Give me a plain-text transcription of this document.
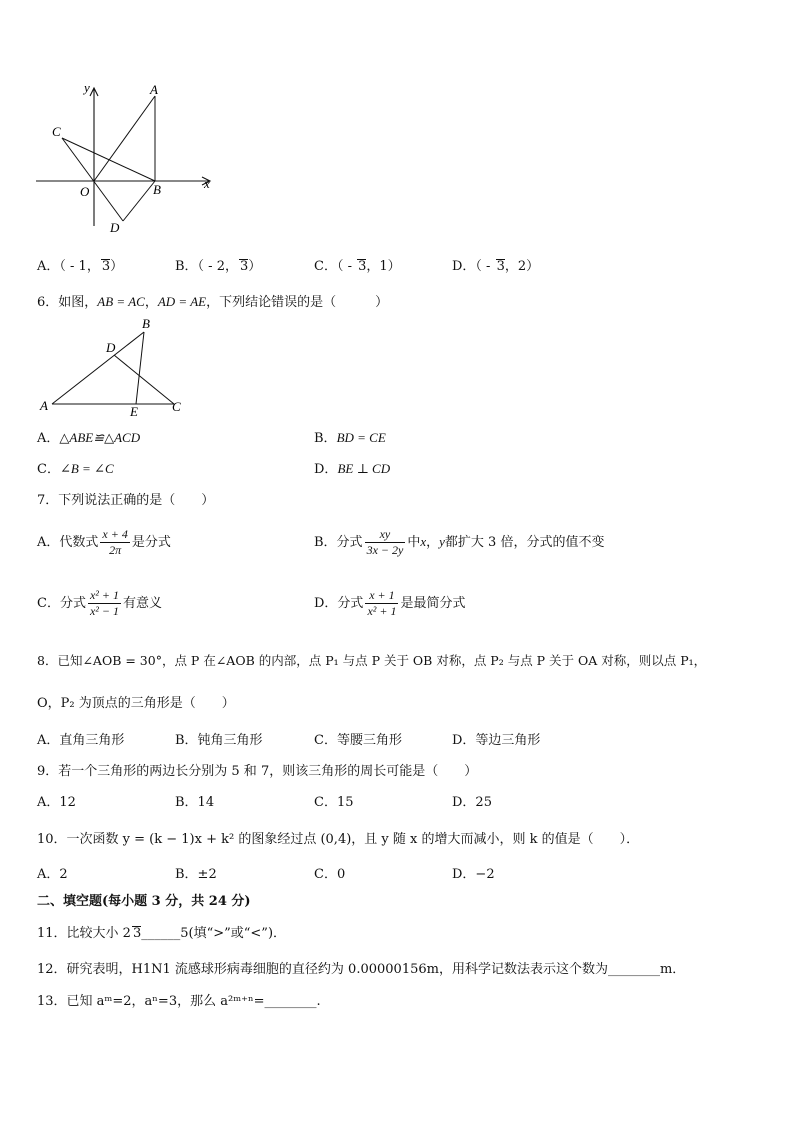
y
x
A
B
C
O
D
A．（ - 1， 3）	B．（ - 2， 3）	C．（ - 3，1）	D．（ - 3，2）
6．如图，AB = AC，AD = AE，下列结论错误的是（　　　）
A
B
C
D
E
A．△ABE≌△ACD	B．BD = CE
C．∠B = ∠C	D．BE ⊥ CD
7．下列说法正确的是（　　）
A．代数式 $\frac{x + 4}{2\pi}$ 是分式	B．分式 $\frac{xy}{3x - 2y}$ 中x，y都扩大 3 倍，分式的值不变
C．分式 $\frac{\text{x² + 1}}{\text{x² − 1}}$ 有意义	D．分式 $\frac{x + 1}{\text{x² + 1}}$ 是最简分式
8．已知∠AOB = 30°，点 P 在∠AOB 的内部，点 P₁ 与点 P 关于 OB 对称，点 P₂ 与点 P 关于 OA 对称，则以点 P₁，
O，P₂ 为顶点的三角形是（　　）
A．直角三角形	B．钝角三角形	C．等腰三角形	D．等边三角形
9．若一个三角形的两边长分别为 5 和 7，则该三角形的周长可能是（　　）
A．12	B．14	C．15	D．25
10．一次函数 y = (k − 1)x + k² 的图象经过点 (0,4)，且 y 随 x 的增大而减小，则 k 的值是（　　）．
A．2	B．±2	C．0	D．−2
二、填空题(每小题 3 分，共 24 分)
11．比较大小 2 3______5(填“>”或“<”)．
12．研究表明，H1N1 流感球形病毒细胞的直径约为 0.00000156m，用科学记数法表示这个数为________m．
13．已知 aᵐ=2，aⁿ=3，那么 a²ᵐ⁺ⁿ=________.
